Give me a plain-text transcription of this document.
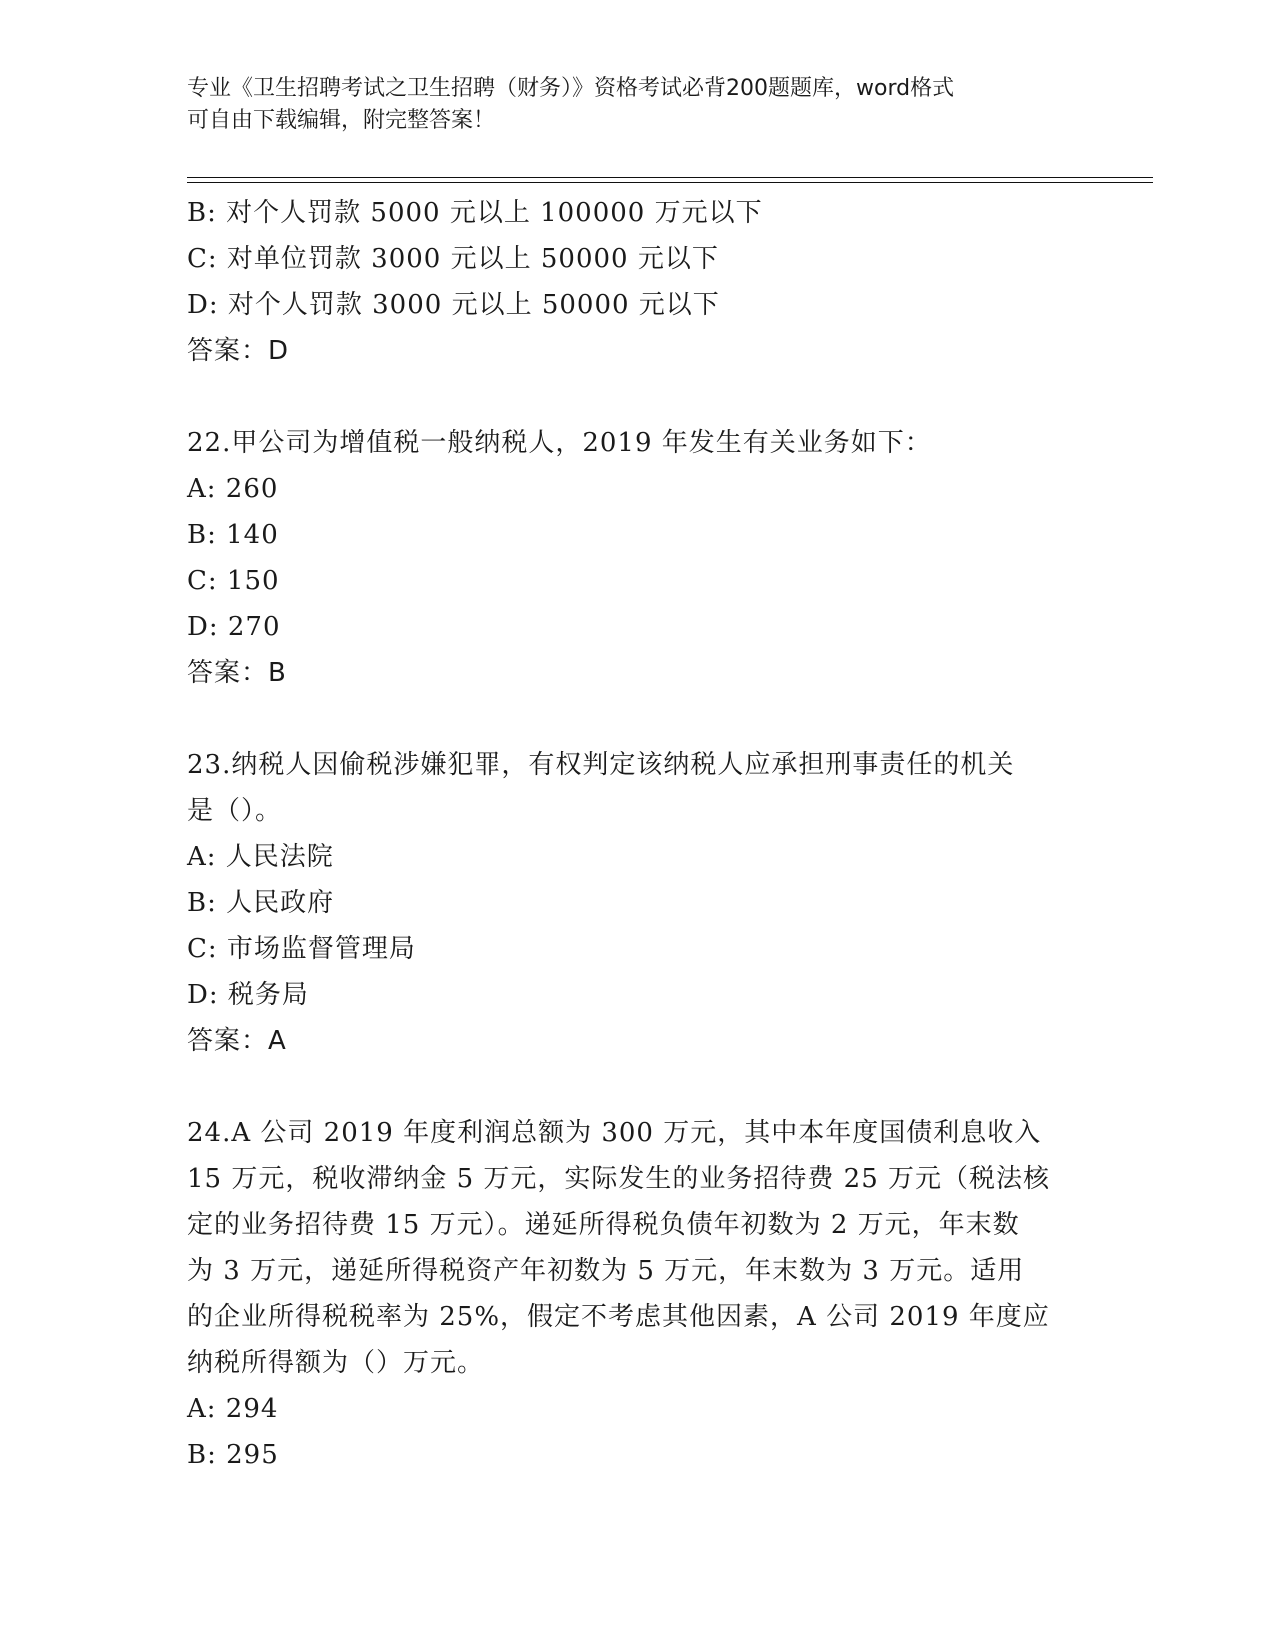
专业《卫生招聘考试之卫生招聘（财务）》资格考试必背200题题库，word格式

可自由下载编辑，附完整答案！

B: 对个人罚款 5000 元以上 100000 万元以下

C: 对单位罚款 3000 元以上 50000 元以下

D: 对个人罚款 3000 元以上 50000 元以下

答案：D

22.甲公司为增值税一般纳税人，2019 年发生有关业务如下：

A: 260

B: 140

C: 150

D: 270

答案：B

23.纳税人因偷税涉嫌犯罪，有权判定该纳税人应承担刑事责任的机关

是（）。

A: 人民法院

B: 人民政府

C: 市场监督管理局

D: 税务局

答案：A

24.A 公司 2019 年度利润总额为 300 万元，其中本年度国债利息收入

15 万元，税收滞纳金 5 万元，实际发生的业务招待费 25 万元（税法核

定的业务招待费 15 万元）。递延所得税负债年初数为 2 万元，年末数

为 3 万元，递延所得税资产年初数为 5 万元，年末数为 3 万元。适用

的企业所得税税率为 25%，假定不考虑其他因素，A 公司 2019 年度应

纳税所得额为（）万元。

A: 294

B: 295
